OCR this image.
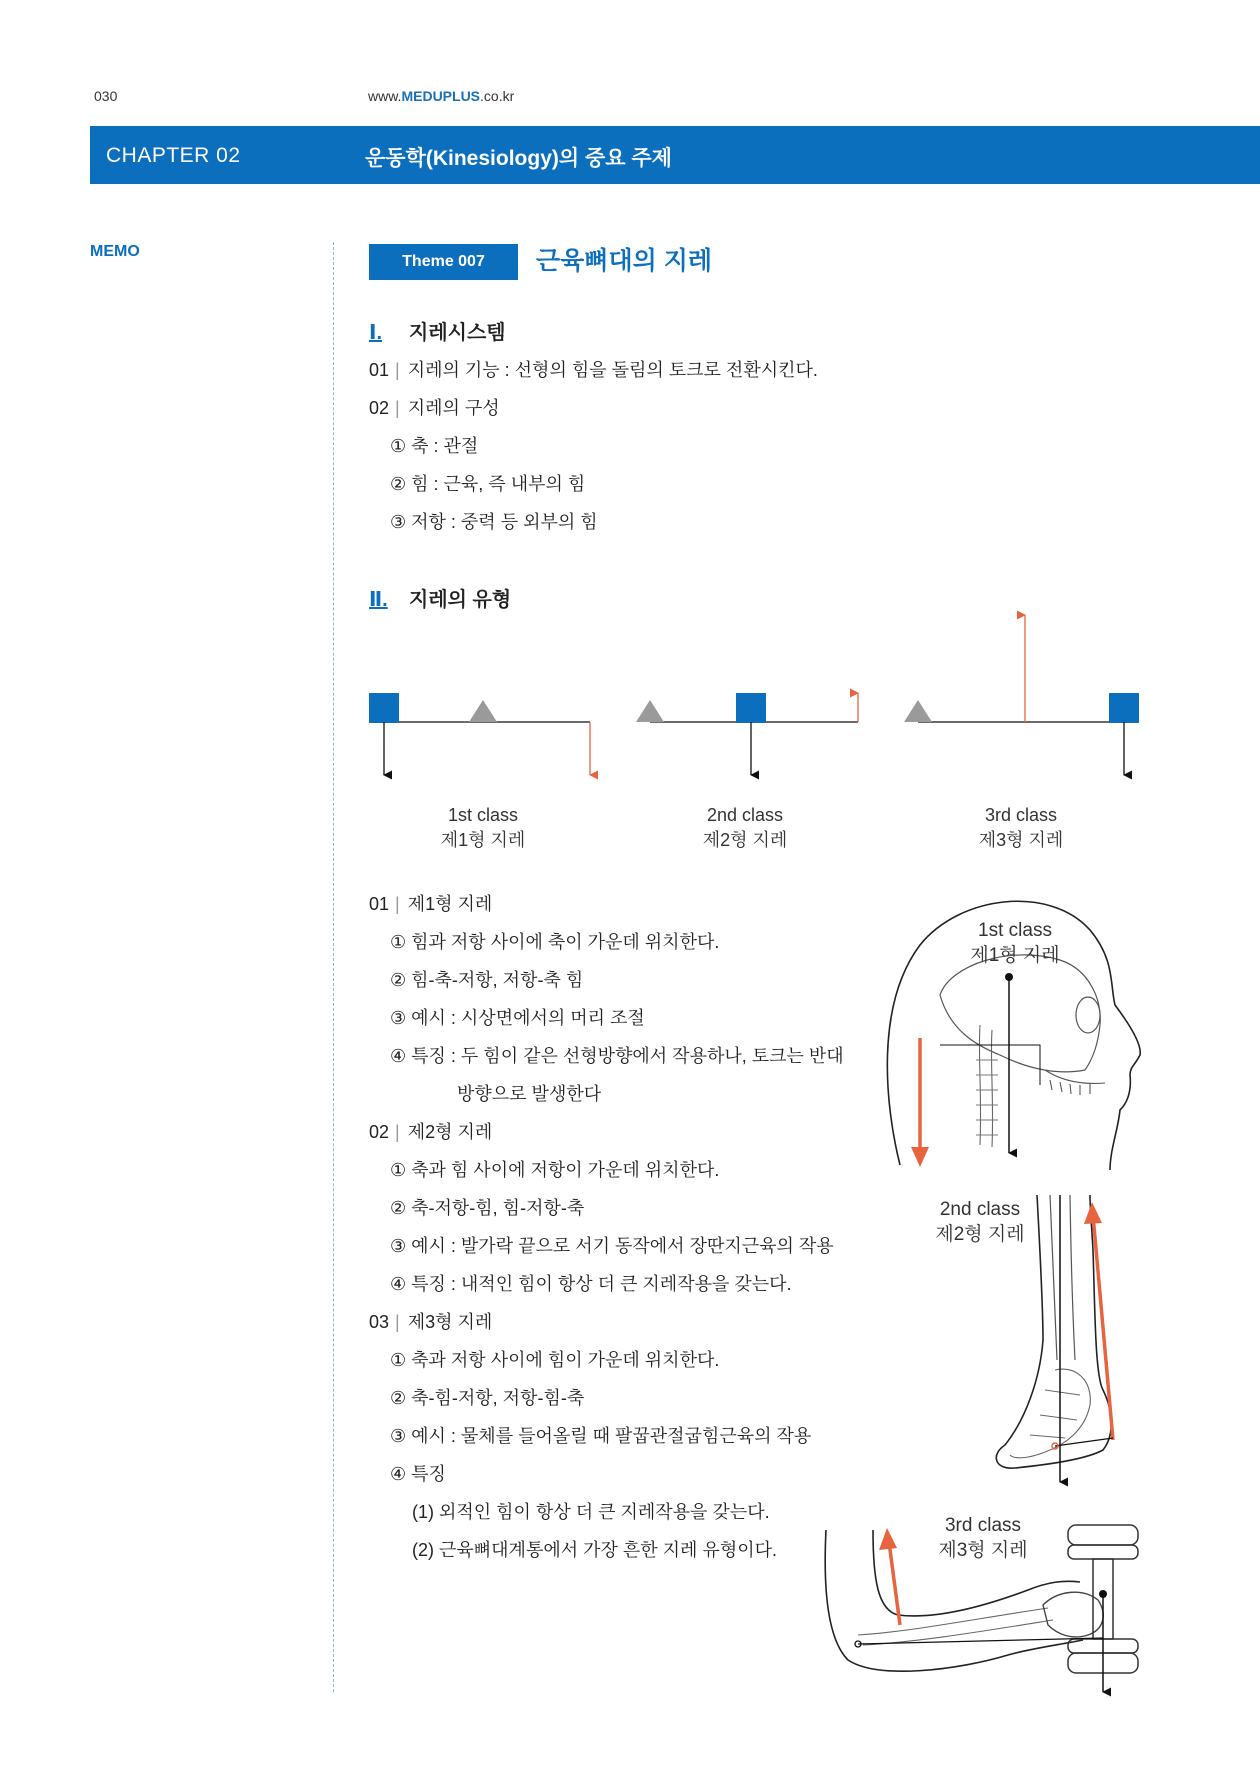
030	www.MEDUPLUS.co.kr
CHAPTER 02	운동학(Kinesiology)의 중요 주제
MEMO
Theme 007	근육뼈대의 지레
Ⅰ. 지레시스템
01 | 지레의 기능 : 선형의 힘을 돌림의 토크로 전환시킨다.
02 | 지레의 구성
① 축 : 관절
② 힘 : 근육, 즉 내부의 힘
③ 저항 : 중력 등 외부의 힘
Ⅱ. 지레의 유형
1st class
제1형 지레
2nd class
제2형 지레
3rd class
제3형 지레
01 | 제1형 지레
① 힘과 저항 사이에 축이 가운데 위치한다.
② 힘-축-저항, 저항-축 힘
③ 예시 : 시상면에서의 머리 조절
④ 특징 : 두 힘이 같은 선형방향에서 작용하나, 토크는 반대
방향으로 발생한다
02 | 제2형 지레
① 축과 힘 사이에 저항이 가운데 위치한다.
② 축-저항-힘, 힘-저항-축
③ 예시 : 발가락 끝으로 서기 동작에서 장딴지근육의 작용
④ 특징 : 내적인 힘이 항상 더 큰 지레작용을 갖는다.
03 | 제3형 지레
① 축과 저항 사이에 힘이 가운데 위치한다.
② 축-힘-저항, 저항-힘-축
③ 예시 : 물체를 들어올릴 때 팔꿉관절굽힘근육의 작용
④ 특징
(1) 외적인 힘이 항상 더 큰 지레작용을 갖는다.
(2) 근육뼈대계통에서 가장 흔한 지레 유형이다.
1st class
제1형 지레
2nd class
제2형 지레
3rd class
제3형 지레
